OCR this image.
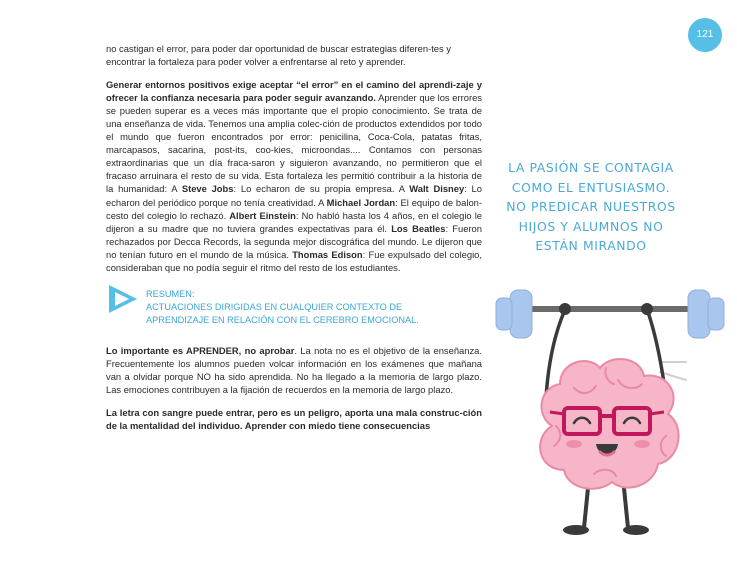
121

no castigan el error, para poder dar oportunidad de buscar estrategias diferen-tes y encontrar la fortaleza para poder volver a enfrentarse al reto y aprender.

Generar entornos positivos exige aceptar “el error” en el camino del aprendi-zaje y ofrecer la confianza necesaria para poder seguir avanzando. Aprender que los errores se pueden superar es a veces más importante que el propio conocimiento. Se trata de una enseñanza de vida. Tenemos una amplia colec-ción de productos extendidos por todo el mundo que fueron encontrados por error: penicilina, Coca-Cola, patatas fritas, marcapasos, sacarina, post-its, coo-kies, microondas.... Contamos con personas extraordinarias que un día fraca-saron y siguieron avanzando, no permitieron que el fracaso arruinara el resto de su vida. Esta fortaleza les permitió contribuir a la historia de la humanidad: A Steve Jobs: Lo echaron de su propia empresa. A Walt Disney: Lo echaron del periódico porque no tenía creatividad. A Michael Jordan: El equipo de balon-cesto del colegio lo rechazó. Albert Einstein: No habló hasta los 4 años, en el colegio le dijeron a su madre que no tuviera grandes expectativas para él. Los Beatles: Fueron rechazados por Decca Records, la segunda mejor discográfica del mundo. Le dijeron que no tenían futuro en el mundo de la música. Thomas Edison: Fue expulsado del colegio, consideraban que no podía seguir el ritmo del resto de los estudiantes.

RESUMEN:
ACTUACIONES DIRIGIDAS EN CUALQUIER CONTEXTO DE
APRENDIZAJE EN RELACIÓN CON EL CEREBRO EMOCIONAL.

Lo importante es APRENDER, no aprobar. La nota no es el objetivo de la enseñanza. Frecuentemente los alumnos pueden volcar información en los exámenes que mañana van a olvidar porque NO ha sido aprendida. No ha llegado a la memoria de largo plazo. Las emociones contribuyen a la fijación de recuerdos en la memoria de largo plazo.

La letra con sangre puede entrar, pero es un peligro, aporta una mala construc-ción de la mentalidad del individuo. Aprender con miedo tiene consecuencias

LA PASIÓN SE CONTAGIA
COMO EL ENTUSIASMO.
NO PREDICAR NUESTROS
HIJOS Y ALUMNOS NO
ESTÁN MIRANDO
